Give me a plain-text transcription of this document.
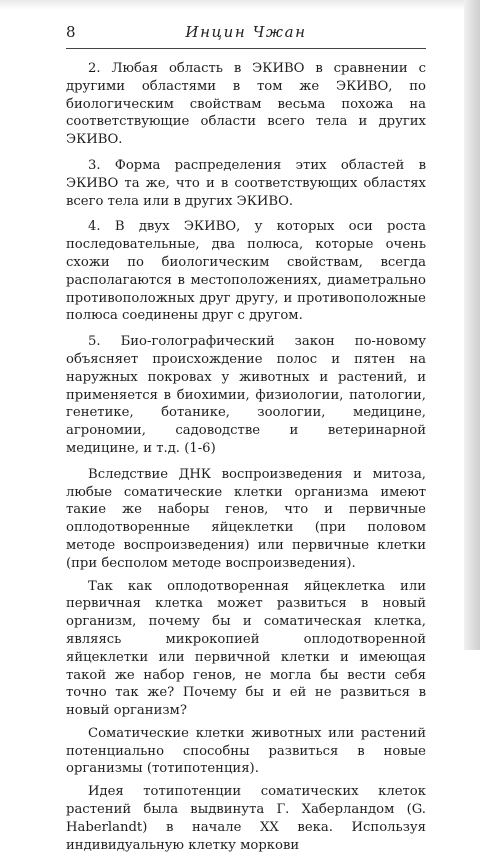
8	Инцин Чжан

2. Любая область в ЭКИВО в сравнении с другими областями в том же ЭКИВО, по биологическим свойствам весьма похожа на соответствующие области всего тела и других ЭКИВО.

3. Форма распределения этих областей в ЭКИВО та же, что и в соответствующих областях всего тела или в других ЭКИВО.

4. В двух ЭКИВО, у которых оси роста последовательные, два полюса, которые очень схожи по биологическим свойствам, всегда располагаются в местоположениях, диаметрально противоположных друг другу, и противоположные полюса соединены друг с другом.

5. Био-голографический закон по-новому объясняет происхождение полос и пятен на наружных покровах у животных и растений, и применяется в биохимии, физиологии, патологии, генетике, ботанике, зоологии, медицине, агрономии, садоводстве и ветеринарной медицине, и т.д. (1-6)

Вследствие ДНК воспроизведения и митоза, любые соматические клетки организма имеют такие же наборы генов, что и первичные оплодотворенные яйцеклетки (при половом методе воспроизведения) или первичные клетки (при бесполом методе воспроизведения).

Так как оплодотворенная яйцеклетка или первичная клетка может развиться в новый организм, почему бы и соматическая клетка, являясь микрокопией оплодотворенной яйцеклетки или первичной клетки и имеющая такой же набор генов, не могла бы вести себя точно так же? Почему бы и ей не развиться в новый организм?

Соматические клетки животных или растений потенциально способны развиться в новые организмы (тотипотенция).

Идея тотипотенции соматических клеток растений была выдвинута Г. Хаберландом (G. Haberlandt) в начале XX века. Используя индивидуальную клетку моркови
